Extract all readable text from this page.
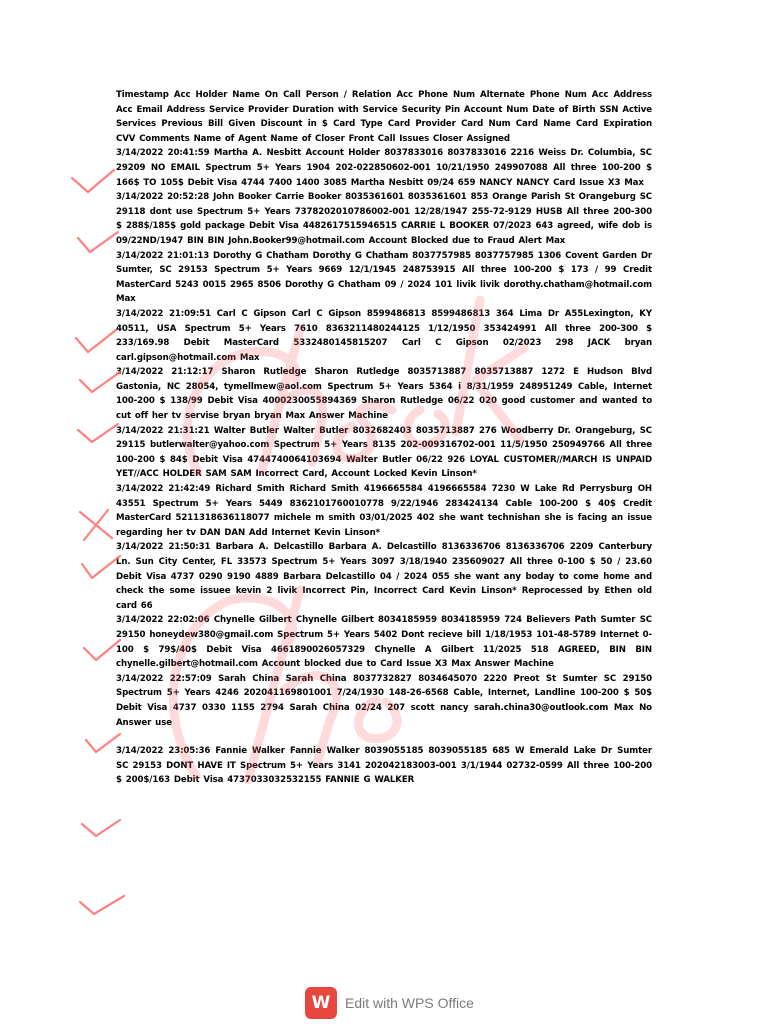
Timestamp Acc Holder Name On Call Person / Relation Acc Phone Num Alternate Phone Num Acc Address Acc Email Address Service Provider Duration with Service Security Pin Account Num Date of Birth SSN Active Services Previous Bill Given Discount in $ Card Type Card Provider Card Num Card Name Card Expiration CVV Comments Name of Agent Name of Closer Front Call Issues Closer Assigned

3/14/2022 20:41:59 Martha A. Nesbitt Account Holder 8037833016 8037833016 2216 Weiss Dr. Columbia, SC 29209 NO EMAIL Spectrum 5+ Years 1904 202-022850602-001 10/21/1950 249907088 All three 100-200 $ 166$ TO 105$ Debit Visa 4744 7400 1400 3085 Martha Nesbitt 09/24 659 NANCY NANCY Card Issue X3 Max

3/14/2022 20:52:28 John Booker Carrie Booker 8035361601 8035361601 853 Orange Parish St Orangeburg SC 29118 dont use Spectrum 5+ Years 7378202010786002-001 12/28/1947 255-72-9129 HUSB All three 200-300 $ 288$/185$ gold package Debit Visa 4482617515946515 CARRIE L BOOKER 07/2023 643 agreed, wife dob is 09/22ND/1947 BIN BIN John.Booker99@hotmail.com Account Blocked due to Fraud Alert Max

3/14/2022 21:01:13 Dorothy G Chatham Dorothy G Chatham 8037757985 8037757985 1306 Covent Garden Dr Sumter, SC 29153 Spectrum 5+ Years 9669 12/1/1945 248753915 All three 100-200 $ 173 / 99 Credit MasterCard 5243 0015 2965 8506 Dorothy G Chatham 09 / 2024 101 livik livik dorothy.chatham@hotmail.com Max

3/14/2022 21:09:51 Carl C Gipson Carl C Gipson 8599486813 8599486813 364 Lima Dr A55Lexington, KY 40511, USA Spectrum 5+ Years 7610 8363211480244125 1/12/1950 353424991 All three 200-300 $ 233/169.98 Debit MasterCard 5332480145815207 Carl C Gipson 02/2023 298 JACK bryan carl.gipson@hotmail.com Max

3/14/2022 21:12:17 Sharon Rutledge Sharon Rutledge 8035713887 8035713887 1272 E Hudson Blvd Gastonia, NC 28054, tymellmew@aol.com Spectrum 5+ Years 5364 i 8/31/1959 248951249 Cable, Internet 100-200 $ 138/99 Debit Visa 4000230055894369 Sharon Rutledge 06/22 020 good customer and wanted to cut off her tv servise bryan bryan Max Answer Machine

3/14/2022 21:31:21 Walter Butler Walter Butler 8032682403 8035713887 276 Woodberry Dr. Orangeburg, SC 29115 butlerwalter@yahoo.com Spectrum 5+ Years 8135 202-009316702-001 11/5/1950 250949766 All three 100-200 $ 84$ Debit Visa 4744740064103694 Walter Butler 06/22 926 LOYAL CUSTOMER//MARCH IS UNPAID YET//ACC HOLDER SAM SAM Incorrect Card, Account Locked Kevin Linson*

3/14/2022 21:42:49 Richard Smith Richard Smith 4196665584 4196665584 7230 W Lake Rd Perrysburg OH 43551 Spectrum 5+ Years 5449 8362101760010778 9/22/1946 283424134 Cable 100-200 $ 40$ Credit MasterCard 5211318636118077 michele m smith 03/01/2025 402 she want technishan she is facing an issue regarding her tv DAN DAN Add Internet Kevin Linson*

3/14/2022 21:50:31 Barbara A. Delcastillo Barbara A. Delcastillo 8136336706 8136336706 2209 Canterbury Ln. Sun City Center, FL 33573 Spectrum 5+ Years 3097 3/18/1940 235609027 All three 0-100 $ 50 / 23.60 Debit Visa 4737 0290 9190 4889 Barbara Delcastillo 04 / 2024 055 she want any boday to come home and check the some issuee kevin 2 livik Incorrect Pin, Incorrect Card Kevin Linson* Reprocessed by Ethen old card 66

3/14/2022 22:02:06 Chynelle Gilbert Chynelle Gilbert 8034185959 8034185959 724 Believers Path Sumter SC 29150 honeydew380@gmail.com Spectrum 5+ Years 5402 Dont recieve bill 1/18/1953 101-48-5789 Internet 0-100 $ 79$/40$ Debit Visa 4661890026057329 Chynelle A Gilbert 11/2025 518 AGREED, BIN BIN chynelle.gilbert@hotmail.com Account blocked due to Card Issue X3 Max Answer Machine

3/14/2022 22:57:09 Sarah China Sarah China 8037732827 8034645070 2220 Preot St Sumter SC 29150 Spectrum 5+ Years 4246 202041169801001 7/24/1930 148-26-6568 Cable, Internet, Landline 100-200 $ 50$ Debit Visa 4737 0330 1155 2794 Sarah China 02/24 207 scott nancy sarah.china30@outlook.com Max No Answer use

3/14/2022 23:05:36 Fannie Walker Fannie Walker 8039055185 8039055185 685 W Emerald Lake Dr Sumter SC 29153 DONT HAVE IT Spectrum 5+ Years 3141 202042183003-001 3/1/1944 02732-0599 All three 100-200 $ 200$/163 Debit Visa 4737033032532155 FANNIE G WALKER

W	Edit with WPS Office
